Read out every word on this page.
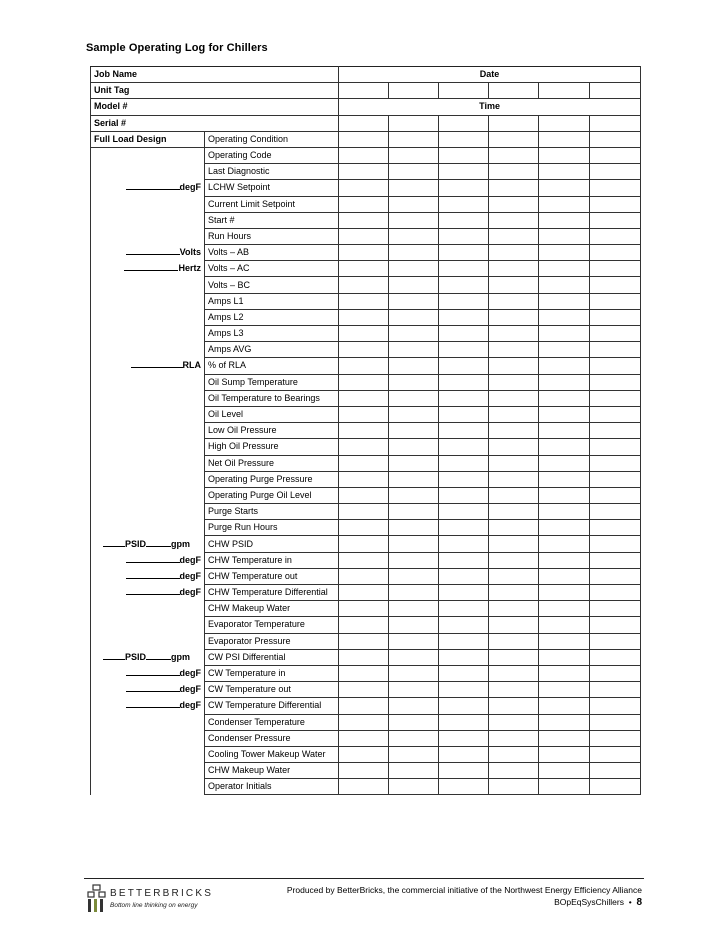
Sample Operating Log for Chillers
Job Name		Date					
Unit Tag							
Model #		Time					
Serial #							
Full Load Design	Operating Condition						
	Operating Code						
	Last Diagnostic						
degF	LCHW Setpoint						
	Current Limit Setpoint						
	Start #						
	Run Hours						
Volts	Volts – AB						
Hertz	Volts – AC						
	Volts – BC						
	Amps L1						
	Amps L2						
	Amps L3						
	Amps AVG						
RLA	% of RLA						
	Oil Sump Temperature						
	Oil Temperature to Bearings						
	Oil Level						
	Low Oil Pressure						
	High Oil Pressure						
	Net Oil Pressure						
	Operating Purge Pressure						
	Operating Purge Oil Level						
	Purge Starts						
	Purge Run Hours						
PSID gpm	CHW PSID						
degF	CHW Temperature in						
degF	CHW Temperature out						
degF	CHW Temperature Differential						
	CHW Makeup Water						
	Evaporator Temperature						
	Evaporator Pressure						
PSID gpm	CW PSI Differential						
degF	CW Temperature in						
degF	CW Temperature out						
degF	CW Temperature Differential						
	Condenser Temperature						
	Condenser Pressure						
	Cooling Tower Makeup Water						
	CHW Makeup Water						
	Operator Initials						
BETTERBRICKS
Bottom line thinking on energy
Produced by BetterBricks, the commercial initiative of the Northwest Energy Efficiency Alliance
BOpEqSysChillers  •  8
